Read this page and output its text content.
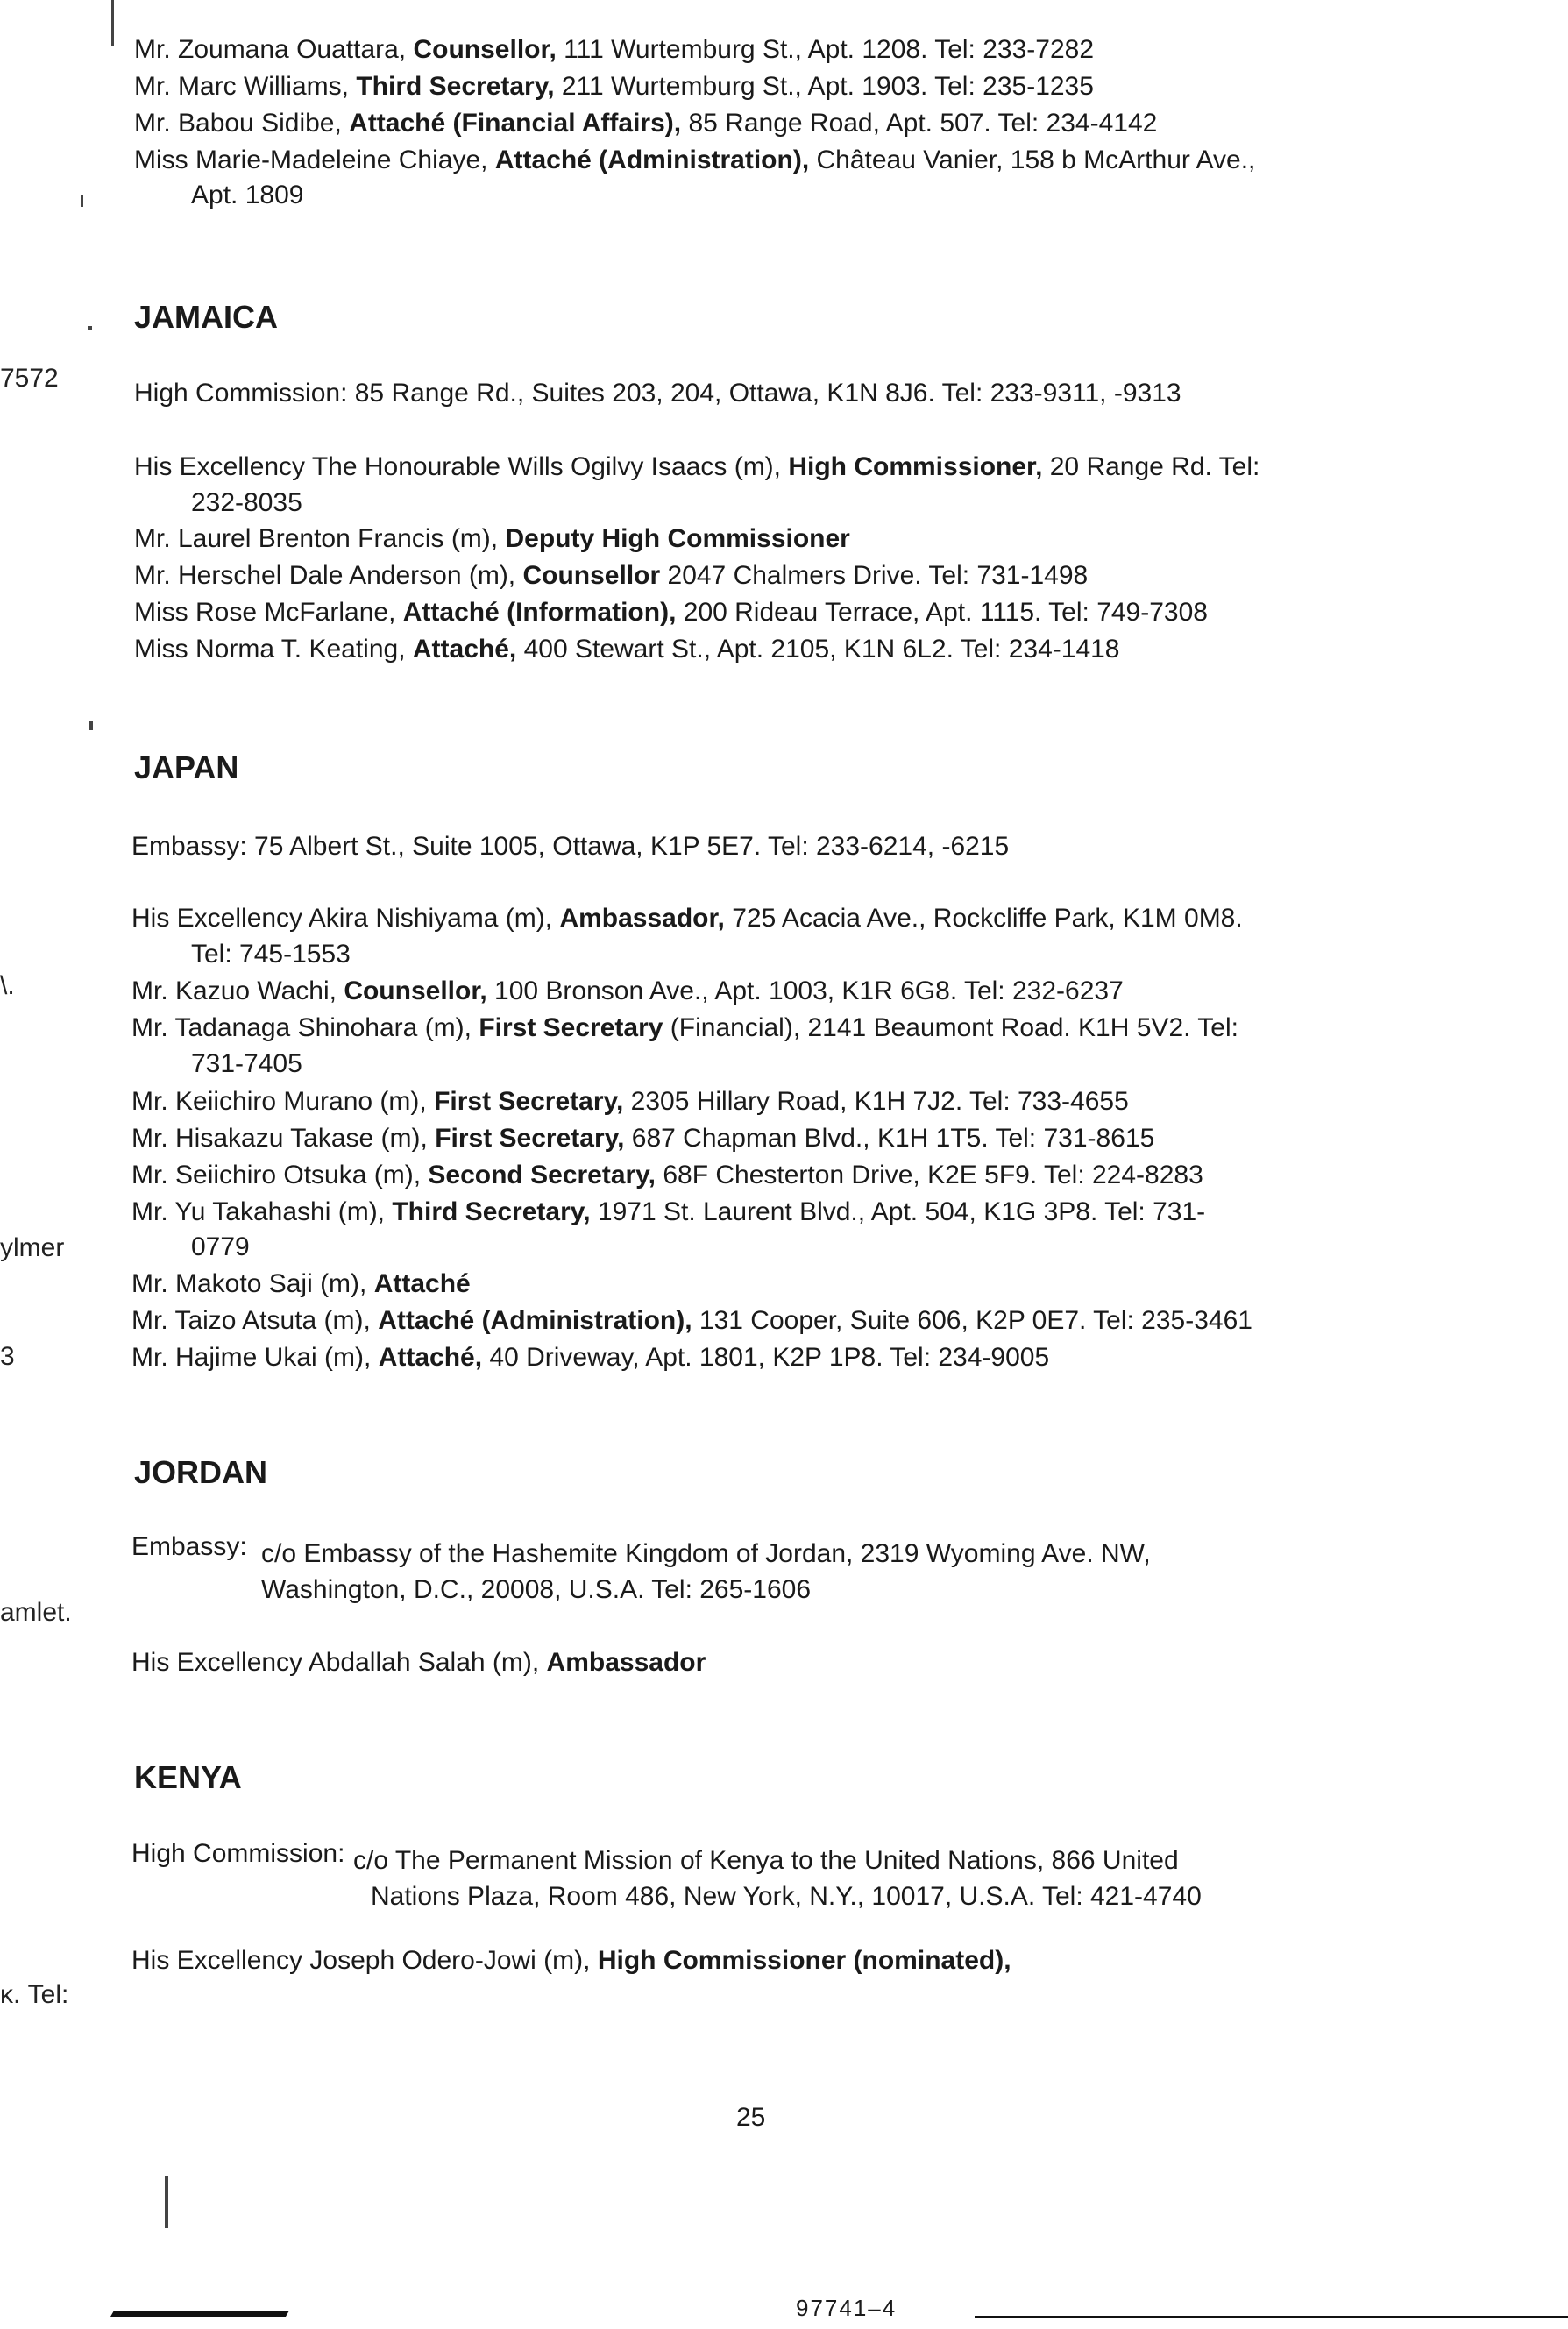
7572
\.
ylmer
3
amlet.
κ. Tel:
Mr. Zoumana Ouattara, Counsellor, 111 Wurtemburg St., Apt. 1208. Tel: 233-7282
Mr. Marc Williams, Third Secretary, 211 Wurtemburg St., Apt. 1903. Tel: 235-1235
Mr. Babou Sidibe, Attaché (Financial Affairs), 85 Range Road, Apt. 507. Tel: 234-4142
Miss Marie-Madeleine Chiaye, Attaché (Administration), Château Vanier, 158 b McArthur Ave.,
Apt. 1809
JAMAICA
High Commission: 85 Range Rd., Suites 203, 204, Ottawa, K1N 8J6. Tel: 233-9311, -9313
His Excellency The Honourable Wills Ogilvy Isaacs (m), High Commissioner, 20 Range Rd. Tel:
232-8035
Mr. Laurel Brenton Francis (m), Deputy High Commissioner
Mr. Herschel Dale Anderson (m), Counsellor 2047 Chalmers Drive. Tel: 731-1498
Miss Rose McFarlane, Attaché (Information), 200 Rideau Terrace, Apt. 1115. Tel: 749-7308
Miss Norma T. Keating, Attaché, 400 Stewart St., Apt. 2105, K1N 6L2. Tel: 234-1418
JAPAN
Embassy: 75 Albert St., Suite 1005, Ottawa, K1P 5E7. Tel: 233-6214, -6215
His Excellency Akira Nishiyama (m), Ambassador, 725 Acacia Ave., Rockcliffe Park, K1M 0M8.
Tel: 745-1553
Mr. Kazuo Wachi, Counsellor, 100 Bronson Ave., Apt. 1003, K1R 6G8. Tel: 232-6237
Mr. Tadanaga Shinohara (m), First Secretary (Financial), 2141 Beaumont Road. K1H 5V2. Tel:
731-7405
Mr. Keiichiro Murano (m), First Secretary, 2305 Hillary Road, K1H 7J2. Tel: 733-4655
Mr. Hisakazu Takase (m), First Secretary, 687 Chapman Blvd., K1H 1T5. Tel: 731-8615
Mr. Seiichiro Otsuka (m), Second Secretary, 68F Chesterton Drive, K2E 5F9. Tel: 224-8283
Mr. Yu Takahashi (m), Third Secretary, 1971 St. Laurent Blvd., Apt. 504, K1G 3P8. Tel: 731-
0779
Mr. Makoto Saji (m), Attaché
Mr. Taizo Atsuta (m), Attaché (Administration), 131 Cooper, Suite 606, K2P 0E7. Tel: 235-3461
Mr. Hajime Ukai (m), Attaché, 40 Driveway, Apt. 1801, K2P 1P8. Tel: 234-9005
JORDAN
Embassy: c/o Embassy of the Hashemite Kingdom of Jordan, 2319 Wyoming Ave. NW,
Washington, D.C., 20008, U.S.A. Tel: 265-1606
His Excellency Abdallah Salah (m), Ambassador
KENYA
High Commission: c/o The Permanent Mission of Kenya to the United Nations, 866 United
Nations Plaza, Room 486, New York, N.Y., 10017, U.S.A. Tel: 421-4740
His Excellency Joseph Odero-Jowi (m), High Commissioner (nominated),
25
97741–4
